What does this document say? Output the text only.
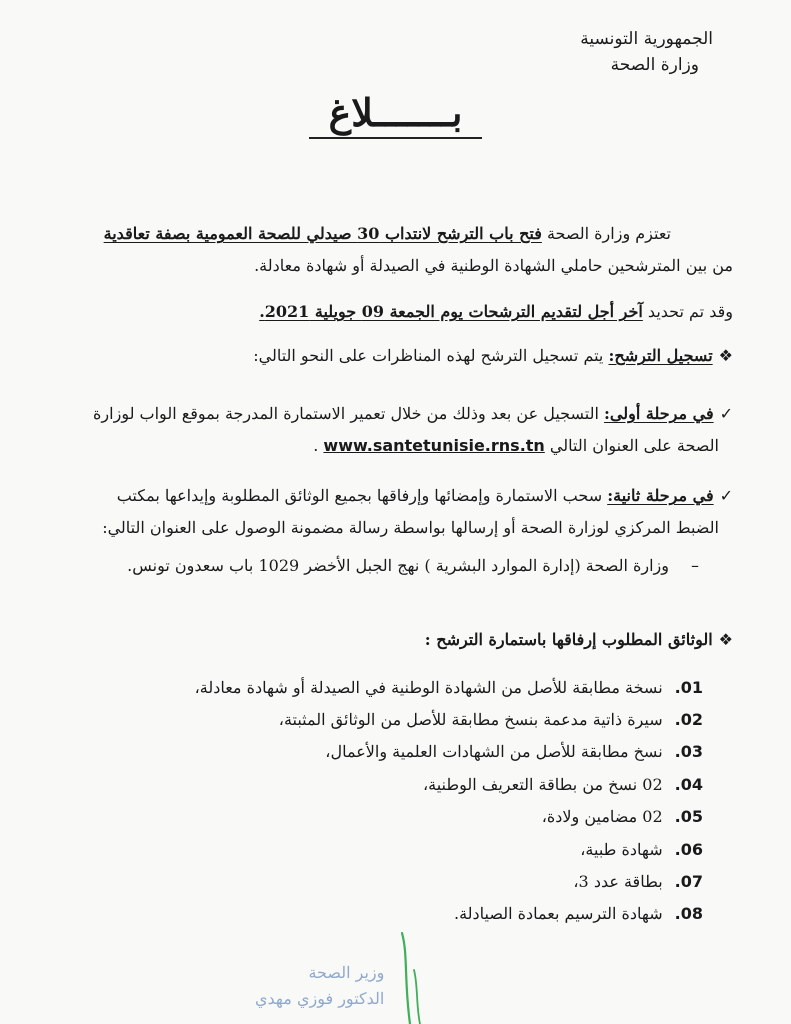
الجمهورية التونسية
وزارة الصحة
بـــــــلاغ
تعتزم وزارة الصحة فتح باب الترشح لانتداب 30 صيدلي للصحة العمومية بصفة تعاقدية
من بين المترشحين حاملي الشهادة الوطنية في الصيدلة أو شهادة معادلة.
وقد تم تحديد آخر أجل لتقديم الترشحات يوم الجمعة 09 جويلية 2021.
❖تسجيل الترشح: يتم تسجيل الترشح لهذه المناظرات على النحو التالي:
✓في مرحلة أولى: التسجيل عن بعد وذلك من خلال تعمير الاستمارة المدرجة بموقع الواب لوزارة
الصحة على العنوان التالي www.santetunisie.rns.tn .
✓في مرحلة ثانية: سحب الاستمارة وإمضائها وإرفاقها بجميع الوثائق المطلوبة وإيداعها بمكتب
الضبط المركزي لوزارة الصحة أو إرسالها بواسطة رسالة مضمونة الوصول على العنوان التالي:
–وزارة الصحة (إدارة الموارد البشرية ) نهج الجبل الأخضر 1029 باب سعدون تونس.
❖الوثائق المطلوب إرفاقها باستمارة الترشح :
.01نسخة مطابقة للأصل من الشهادة الوطنية في الصيدلة أو شهادة معادلة،
.02سيرة ذاتية مدعمة بنسخ مطابقة للأصل من الوثائق المثبتة،
.03نسخ مطابقة للأصل من الشهادات العلمية والأعمال،
.0402 نسخ من بطاقة التعريف الوطنية،
.0502 مضامين ولادة،
.06شهادة طبية،
.07بطاقة عدد 3،
.08شهادة الترسيم بعمادة الصيادلة.
وزير الصحة
الدكتور فوزي مهدي
